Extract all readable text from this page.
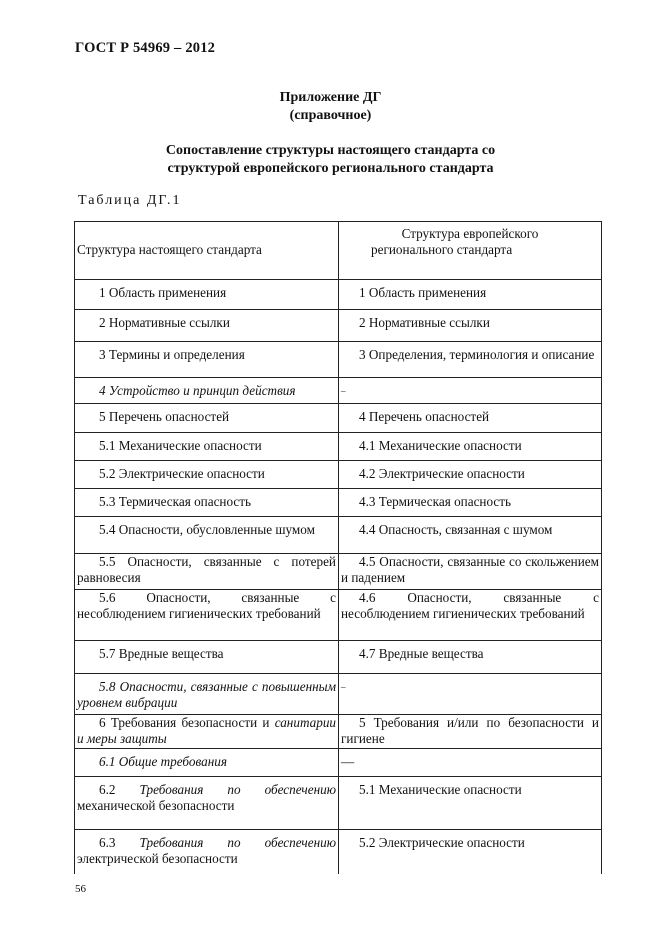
ГОСТ Р 54969 – 2012
Приложение ДГ
(справочное)
Сопоставление структуры настоящего стандарта со
структурой европейского регионального стандарта
Таблица ДГ.1
Структура настоящего стандарта	Структура европейского регионального стандарта

1 Область применения	1 Область применения

2 Нормативные ссылки	2 Нормативные ссылки

3 Термины и определения	3 Определения, терминология и описание

4 Устройство и принцип действия	–

5 Перечень опасностей	4 Перечень опасностей

5.1 Механические опасности	4.1 Механические опасности

5.2 Электрические опасности	4.2 Электрические опасности

5.3 Термическая опасность	4.3 Термическая опасность

5.4 Опасности, обусловленные шумом	4.4 Опасность, связанная с шумом

5.5 Опасности, связанные с потерей равновесия	4.5 Опасности, связанные со скольжением и падением

5.6 Опасности, связанные с несоблюдением гигиенических требований	4.6 Опасности, связанные с несоблюдением гигиенических требований

5.7 Вредные вещества	4.7 Вредные вещества

5.8 Опасности, связанные с повышенным уровнем вибрации	–

6 Требования безопасности и санитарии и меры защиты	5 Требования и/или по безопасности и гигиене

6.1 Общие требования	—

6.2 Требования по обеспечению механической безопасности	5.1 Механические опасности

6.3 Требования по обеспечению электрической безопасности	5.2 Электрические опасности
56
